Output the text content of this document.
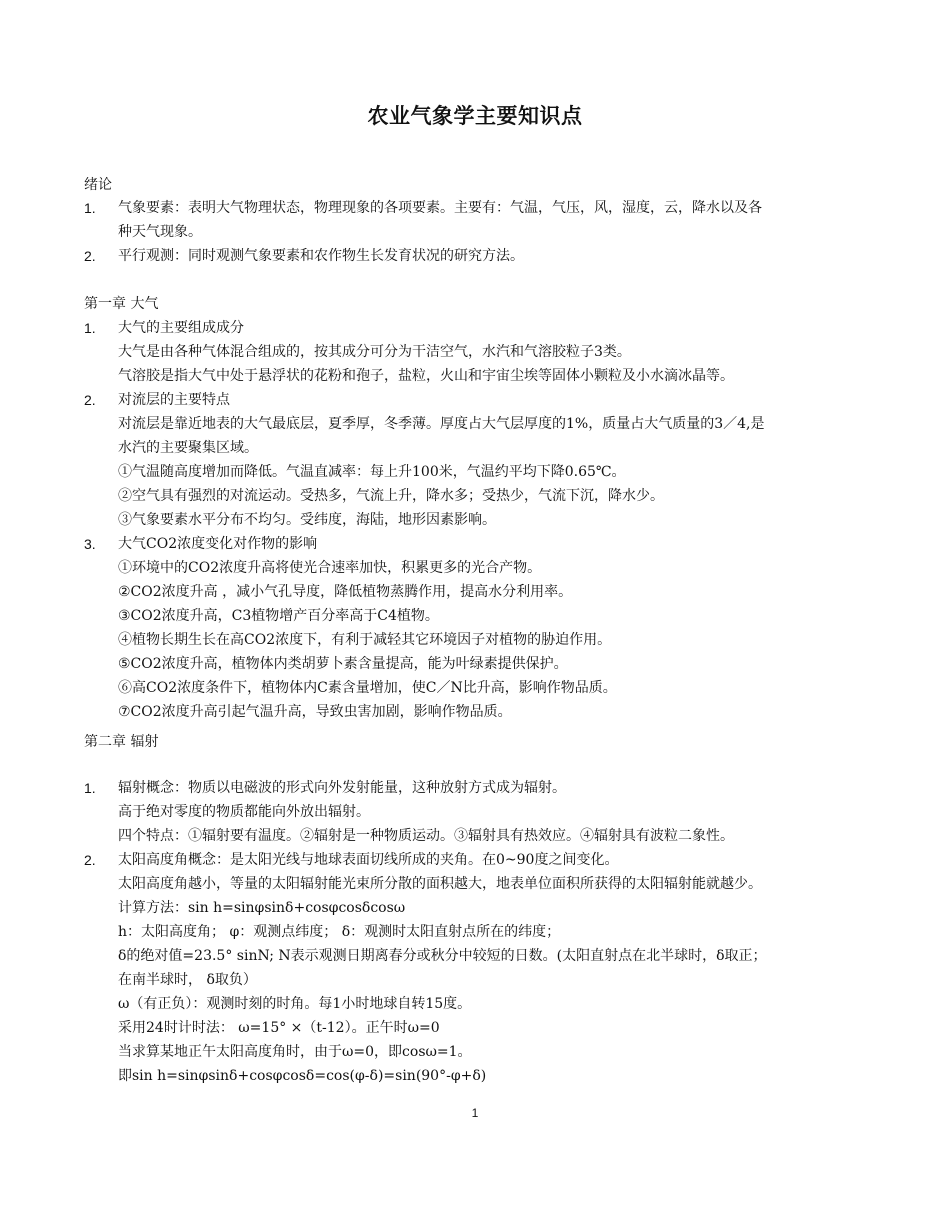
农业气象学主要知识点
绪论
1. 气象要素：表明大气物理状态，物理现象的各项要素。主要有：气温，气压，风，湿度，云，降水以及各
种天气现象。
2. 平行观测：同时观测气象要素和农作物生长发育状况的研究方法。
第一章 大气
1. 大气的主要组成成分
大气是由各种气体混合组成的，按其成分可分为干洁空气，水汽和气溶胶粒子3类。
气溶胶是指大气中处于悬浮状的花粉和孢子，盐粒，火山和宇宙尘埃等固体小颗粒及小水滴冰晶等。
2. 对流层的主要特点
对流层是靠近地表的大气最底层，夏季厚，冬季薄。厚度占大气层厚度的1%，质量占大气质量的3／4,是
水汽的主要聚集区域。
①气温随高度增加而降低。气温直减率：每上升100米，气温约平均下降0.65℃。
②空气具有强烈的对流运动。受热多，气流上升，降水多；受热少，气流下沉，降水少。
③气象要素水平分布不均匀。受纬度，海陆，地形因素影响。
3. 大气CO2浓度变化对作物的影响
①环境中的CO2浓度升高将使光合速率加快，积累更多的光合产物。
②CO2浓度升高 ，减小气孔导度，降低植物蒸腾作用，提高水分利用率。
③CO2浓度升高，C3植物增产百分率高于C4植物。
④植物长期生长在高CO2浓度下，有利于减轻其它环境因子对植物的胁迫作用。
⑤CO2浓度升高，植物体内类胡萝卜素含量提高，能为叶绿素提供保护。
⑥高CO2浓度条件下，植物体内C素含量增加，使C／N比升高，影响作物品质。
⑦CO2浓度升高引起气温升高，导致虫害加剧，影响作物品质。
第二章 辐射
1. 辐射概念：物质以电磁波的形式向外发射能量，这种放射方式成为辐射。
高于绝对零度的物质都能向外放出辐射。
四个特点：①辐射要有温度。②辐射是一种物质运动。③辐射具有热效应。④辐射具有波粒二象性。
2. 太阳高度角概念：是太阳光线与地球表面切线所成的夹角。在0~90度之间变化。
太阳高度角越小，等量的太阳辐射能光束所分散的面积越大，地表单位面积所获得的太阳辐射能就越少。
计算方法：sin h=sinφsinδ+cosφcosδcosω
h：太阳高度角； φ：观测点纬度； δ：观测时太阳直射点所在的纬度；
δ的绝对值=23.5° sinN; N表示观测日期离春分或秋分中较短的日数。(太阳直射点在北半球时，δ取正；
在南半球时， δ取负）
ω（有正负）：观测时刻的时角。每1小时地球自转15度。
采用24时计时法： ω=15° ×（t-12）。正午时ω=0
当求算某地正午太阳高度角时，由于ω=0，即cosω=1。
即sin h=sinφsinδ+cosφcosδ=cos(φ-δ)=sin(90°-φ+δ)
1
